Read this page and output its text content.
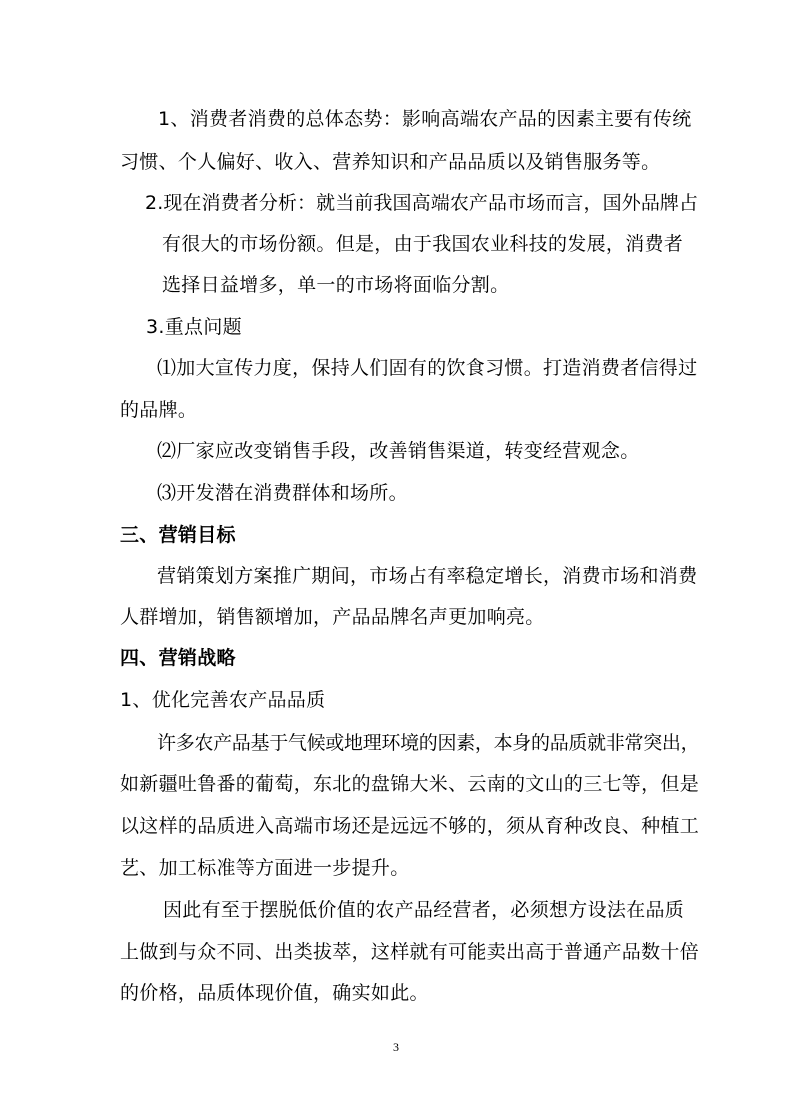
1、消费者消费的总体态势：影响高端农产品的因素主要有传统
习惯、个人偏好、收入、营养知识和产品品质以及销售服务等。
2.现在消费者分析：就当前我国高端农产品市场而言，国外品牌占
有很大的市场份额。但是，由于我国农业科技的发展，消费者
选择日益增多，单一的市场将面临分割。
3.重点问题
⑴加大宣传力度，保持人们固有的饮食习惯。打造消费者信得过
的品牌。
⑵厂家应改变销售手段，改善销售渠道，转变经营观念。
⑶开发潜在消费群体和场所。
三、营销目标
营销策划方案推广期间，市场占有率稳定增长，消费市场和消费
人群增加，销售额增加，产品品牌名声更加响亮。
四、营销战略
1、优化完善农产品品质
许多农产品基于气候或地理环境的因素，本身的品质就非常突出，
如新疆吐鲁番的葡萄，东北的盘锦大米、云南的文山的三七等，但是
以这样的品质进入高端市场还是远远不够的，须从育种改良、种植工
艺、加工标准等方面进一步提升。
因此有至于摆脱低价值的农产品经营者，必须想方设法在品质
上做到与众不同、出类拔萃，这样就有可能卖出高于普通产品数十倍
的价格，品质体现价值，确实如此。
3
